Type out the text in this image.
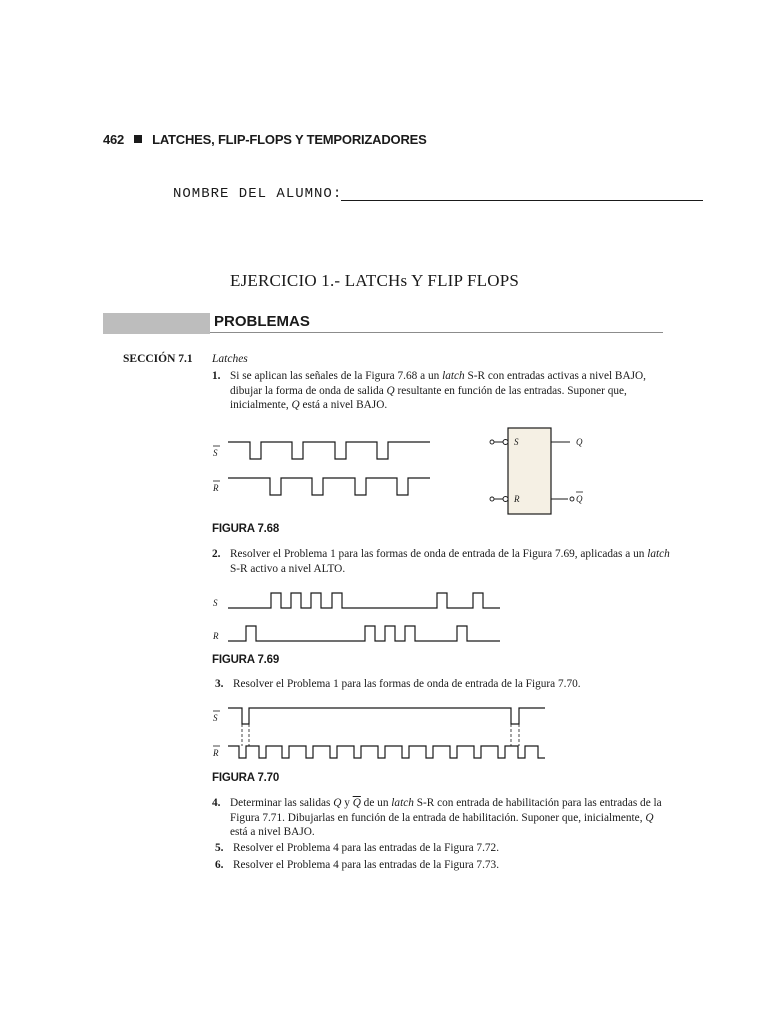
462 LATCHES, FLIP-FLOPS Y TEMPORIZADORES
NOMBRE DEL ALUMNO:
EJERCICIO 1.- LATCHs Y FLIP FLOPS
PROBLEMAS
SECCIÓN 7.1 Latches
1. Si se aplican las señales de la Figura 7.68 a un latch S-R con entradas activas a nivel BAJO, dibujar la forma de onda de salida Q resultante en función de las entradas. Suponer que, inicialmente, Q está a nivel BAJO.
S
R
S
R
Q
Q
FIGURA 7.68
2. Resolver el Problema 1 para las formas de onda de entrada de la Figura 7.69, aplicadas a un latch S-R activo a nivel ALTO.
S
R
FIGURA 7.69
3. Resolver el Problema 1 para las formas de onda de entrada de la Figura 7.70.
S
R
FIGURA 7.70
4. Determinar las salidas Q y $\overline{Q}$ de un latch S-R con entrada de habilitación para las entradas de la Figura 7.71. Dibujarlas en función de la entrada de habilitación. Suponer que, inicialmente, Q está a nivel BAJO.
5. Resolver el Problema 4 para las entradas de la Figura 7.72.
6. Resolver el Problema 4 para las entradas de la Figura 7.73.
